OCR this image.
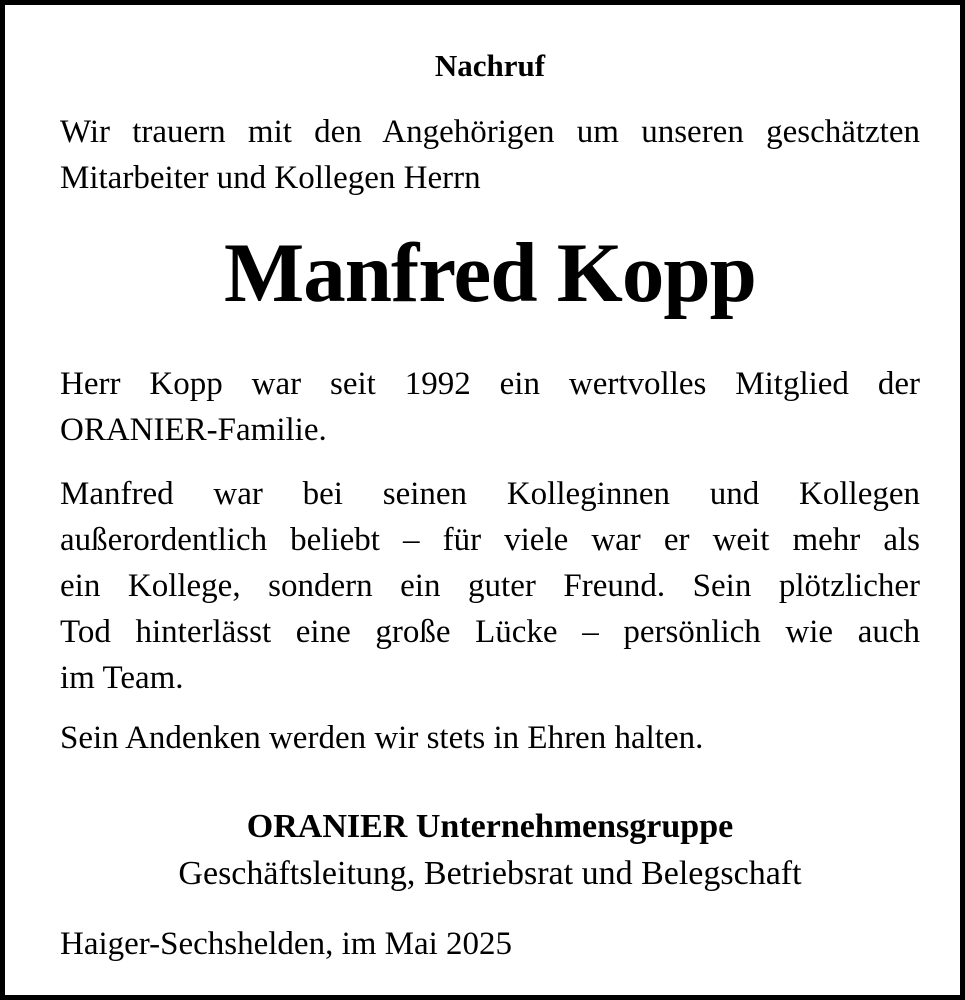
Nachruf
Wir trauern mit den Angehörigen um unseren geschätzten
Mitarbeiter und Kollegen Herrn
Manfred Kopp
Herr Kopp war seit 1992 ein wertvolles Mitglied der
ORANIER-Familie.
Manfred war bei seinen Kolleginnen und Kollegen
außerordentlich beliebt – für viele war er weit mehr als
ein Kollege, sondern ein guter Freund. Sein plötzlicher
Tod hinterlässt eine große Lücke – persönlich wie auch
im Team.

Sein Andenken werden wir stets in Ehren halten.

ORANIER Unternehmensgruppe
Geschäftsleitung, Betriebsrat und Belegschaft

Haiger-Sechshelden, im Mai 2025
